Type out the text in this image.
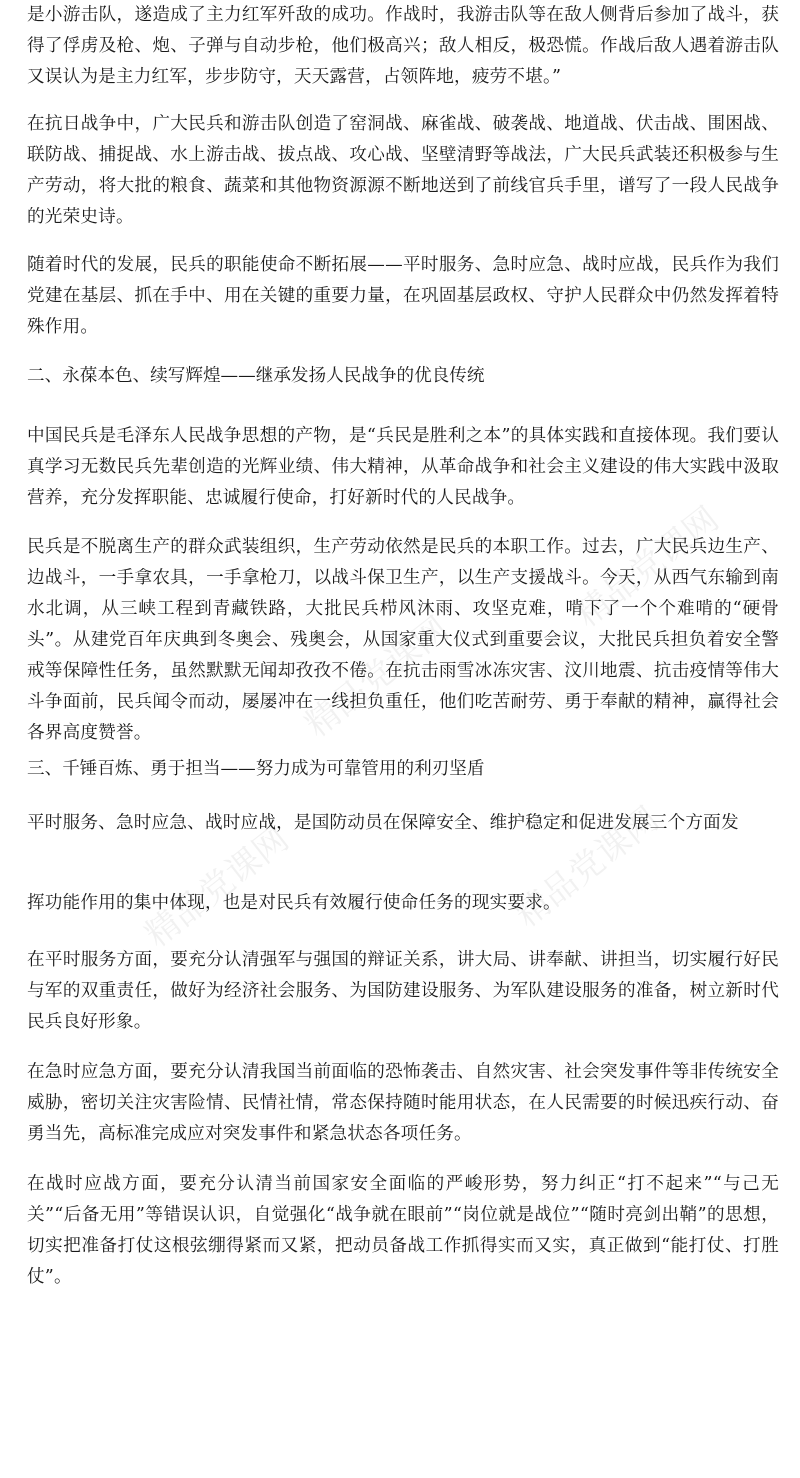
精品党课网
精品党课网
精品党课网
精品党课网

是小游击队，遂造成了主力红军歼敌的成功。作战时，我游击队等在敌人侧背后参加了战斗，获得了俘虏及枪、炮、子弹与自动步枪，他们极高兴；敌人相反，极恐慌。作战后敌人遇着游击队又误认为是主力红军，步步防守，天天露营，占领阵地，疲劳不堪。”

在抗日战争中，广大民兵和游击队创造了窑洞战、麻雀战、破袭战、地道战、伏击战、围困战、联防战、捕捉战、水上游击战、拔点战、攻心战、坚壁清野等战法，广大民兵武装还积极参与生产劳动，将大批的粮食、蔬菜和其他物资源源不断地送到了前线官兵手里，谱写了一段人民战争的光荣史诗。

随着时代的发展，民兵的职能使命不断拓展——平时服务、急时应急、战时应战，民兵作为我们党建在基层、抓在手中、用在关键的重要力量，在巩固基层政权、守护人民群众中仍然发挥着特殊作用。

二、永葆本色、续写辉煌——继承发扬人民战争的优良传统

中国民兵是毛泽东人民战争思想的产物，是“兵民是胜利之本”的具体实践和直接体现。我们要认真学习无数民兵先辈创造的光辉业绩、伟大精神，从革命战争和社会主义建设的伟大实践中汲取营养，充分发挥职能、忠诚履行使命，打好新时代的人民战争。

民兵是不脱离生产的群众武装组织，生产劳动依然是民兵的本职工作。过去，广大民兵边生产、边战斗，一手拿农具，一手拿枪刀，以战斗保卫生产，以生产支援战斗。今天，从西气东输到南水北调，从三峡工程到青藏铁路，大批民兵栉风沐雨、攻坚克难，啃下了一个个难啃的“硬骨头”。从建党百年庆典到冬奥会、残奥会，从国家重大仪式到重要会议，大批民兵担负着安全警戒等保障性任务，虽然默默无闻却孜孜不倦。在抗击雨雪冰冻灾害、汶川地震、抗击疫情等伟大斗争面前，民兵闻令而动，屡屡冲在一线担负重任，他们吃苦耐劳、勇于奉献的精神，赢得社会各界高度赞誉。

三、千锤百炼、勇于担当——努力成为可靠管用的利刃坚盾

平时服务、急时应急、战时应战，是国防动员在保障安全、维护稳定和促进发展三个方面发

挥功能作用的集中体现，也是对民兵有效履行使命任务的现实要求。

在平时服务方面，要充分认清强军与强国的辩证关系，讲大局、讲奉献、讲担当，切实履行好民与军的双重责任，做好为经济社会服务、为国防建设服务、为军队建设服务的准备，树立新时代民兵良好形象。

在急时应急方面，要充分认清我国当前面临的恐怖袭击、自然灾害、社会突发事件等非传统安全威胁，密切关注灾害险情、民情社情，常态保持随时能用状态，在人民需要的时候迅疾行动、奋勇当先，高标准完成应对突发事件和紧急状态各项任务。

在战时应战方面，要充分认清当前国家安全面临的严峻形势，努力纠正“打不起来”“与己无关”“后备无用”等错误认识，自觉强化“战争就在眼前”“岗位就是战位”“随时亮剑出鞘”的思想，切实把准备打仗这根弦绷得紧而又紧，把动员备战工作抓得实而又实，真正做到“能打仗、打胜仗”。
